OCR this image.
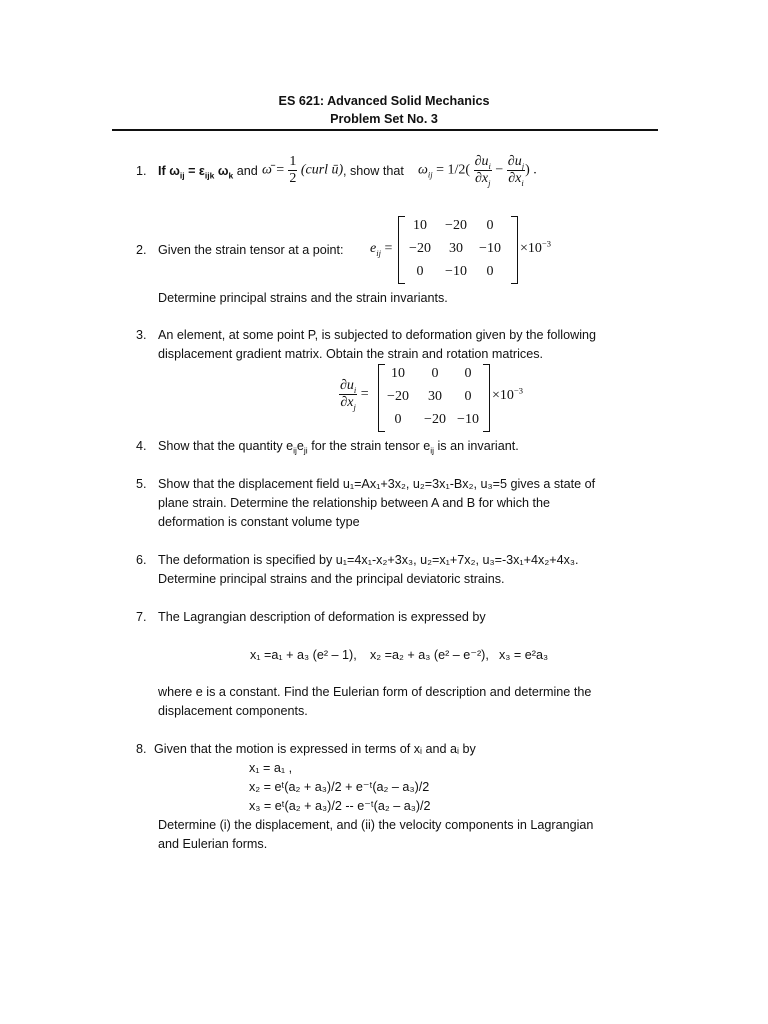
ES 621: Advanced Solid Mechanics
Problem Set No. 3
1. If $\omega_{ij} = \varepsilon_{ijk}$ $\omega_k$ and ω̄ = $\frac{1}{2}$ (curl ū) , show that $\omega_{ij} = 1/2( \frac{\partial u_i}{\partial x_j} - \frac{\partial u_j}{\partial x_i}$ ) .
2. Given the strain tensor at a point: $e_{ij}$ =
10	−20	0
−20	30	−10
0	−10	0
$\times 10^{-3}$
Determine principal strains and the strain invariants.
3. An element, at some point P, is subjected to deformation given by the following
displacement gradient matrix. Obtain the strain and rotation matrices.
$\frac{\partial u_i}{\partial x_j}$ =
10	0	0
−20	30	0
0	−20 −10
$\times 10^{-3}$
4. Show that the quantity $e_{ij}e_{ji}$ for the strain tensor $e_{ij}$ is an invariant.
5. Show that the displacement field u₁=Ax₁+3x₂, u₂=3x₁-Bx₂, u₃=5 gives a state of
plane strain. Determine the relationship between A and B for which the
deformation is constant volume type
6. The deformation is specified by u₁=4x₁-x₂+3x₃, u₂=x₁+7x₂, u₃=-3x₁+4x₂+4x₃.
Determine principal strains and the principal deviatoric strains.
7. The Lagrangian description of deformation is expressed by
x₁ =a₁ + a₃ (e² – 1), x₂ =a₂ + a₃ (e² – e⁻²), x₃ = e²a₃
where e is a constant. Find the Eulerian form of description and determine the
displacement components.
8. Given that the motion is expressed in terms of xᵢ and aᵢ by
x₁ = a₁ ,
x₂ = eᵗ(a₂ + a₃)/2 + e⁻ᵗ(a₂ – a₃)/2
x₃ = eᵗ(a₂ + a₃)/2 -- e⁻ᵗ(a₂ – a₃)/2
Determine (i) the displacement, and (ii) the velocity components in Lagrangian
and Eulerian forms.
